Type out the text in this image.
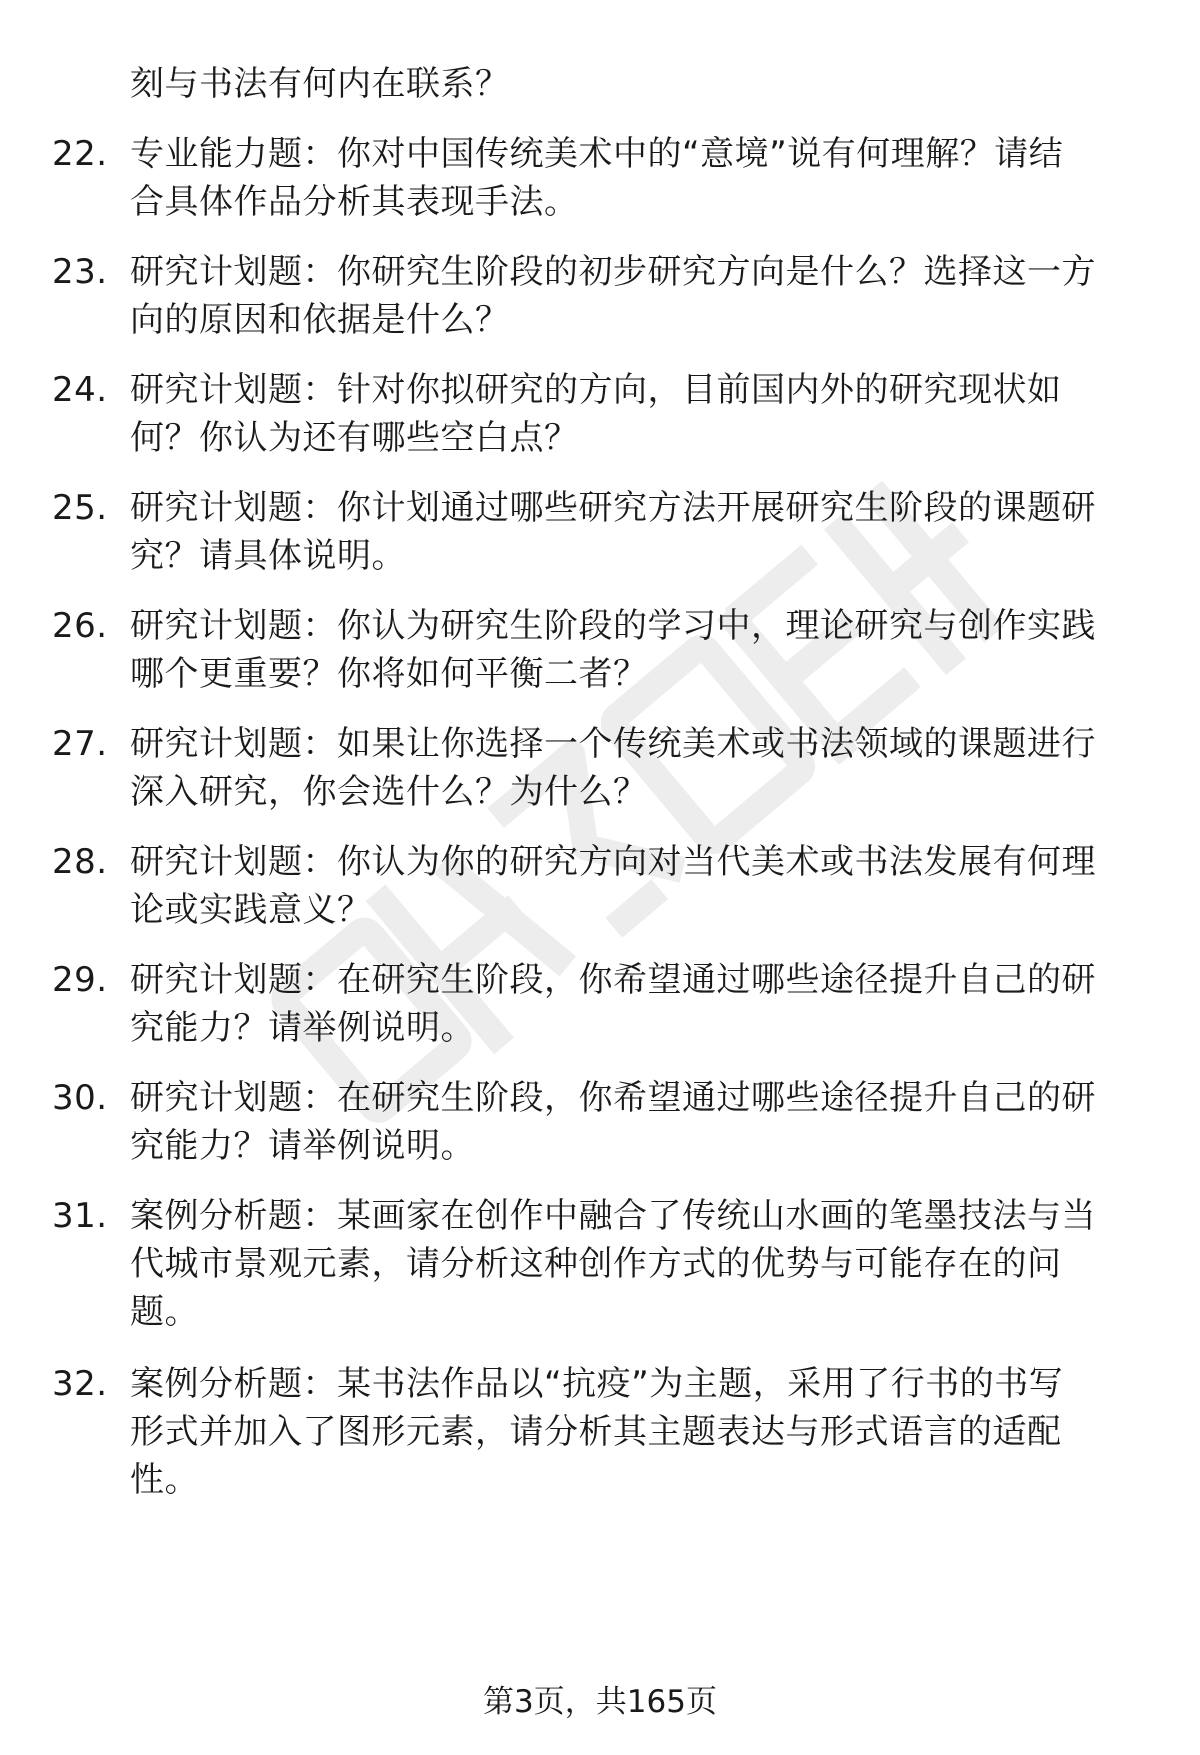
刻与书法有何内在联系？
22. 专业能力题：你对中国传统美术中的“意境”说有何理解？请结
合具体作品分析其表现手法。
23. 研究计划题：你研究生阶段的初步研究方向是什么？选择这一方
向的原因和依据是什么？
24. 研究计划题：针对你拟研究的方向，目前国内外的研究现状如
何？你认为还有哪些空白点？
25. 研究计划题：你计划通过哪些研究方法开展研究生阶段的课题研
究？请具体说明。
26. 研究计划题：你认为研究生阶段的学习中，理论研究与创作实践
哪个更重要？你将如何平衡二者？
27. 研究计划题：如果让你选择一个传统美术或书法领域的课题进行
深入研究，你会选什么？为什么？
28. 研究计划题：你认为你的研究方向对当代美术或书法发展有何理
论或实践意义？
29. 研究计划题：在研究生阶段，你希望通过哪些途径提升自己的研
究能力？请举例说明。
30. 研究计划题：在研究生阶段，你希望通过哪些途径提升自己的研
究能力？请举例说明。
31. 案例分析题：某画家在创作中融合了传统山水画的笔墨技法与当
代城市景观元素，请分析这种创作方式的优势与可能存在的问
题。
32. 案例分析题：某书法作品以“抗疫”为主题，采用了行书的书写
形式并加入了图形元素，请分析其主题表达与形式语言的适配
性。
第3页，共165页
